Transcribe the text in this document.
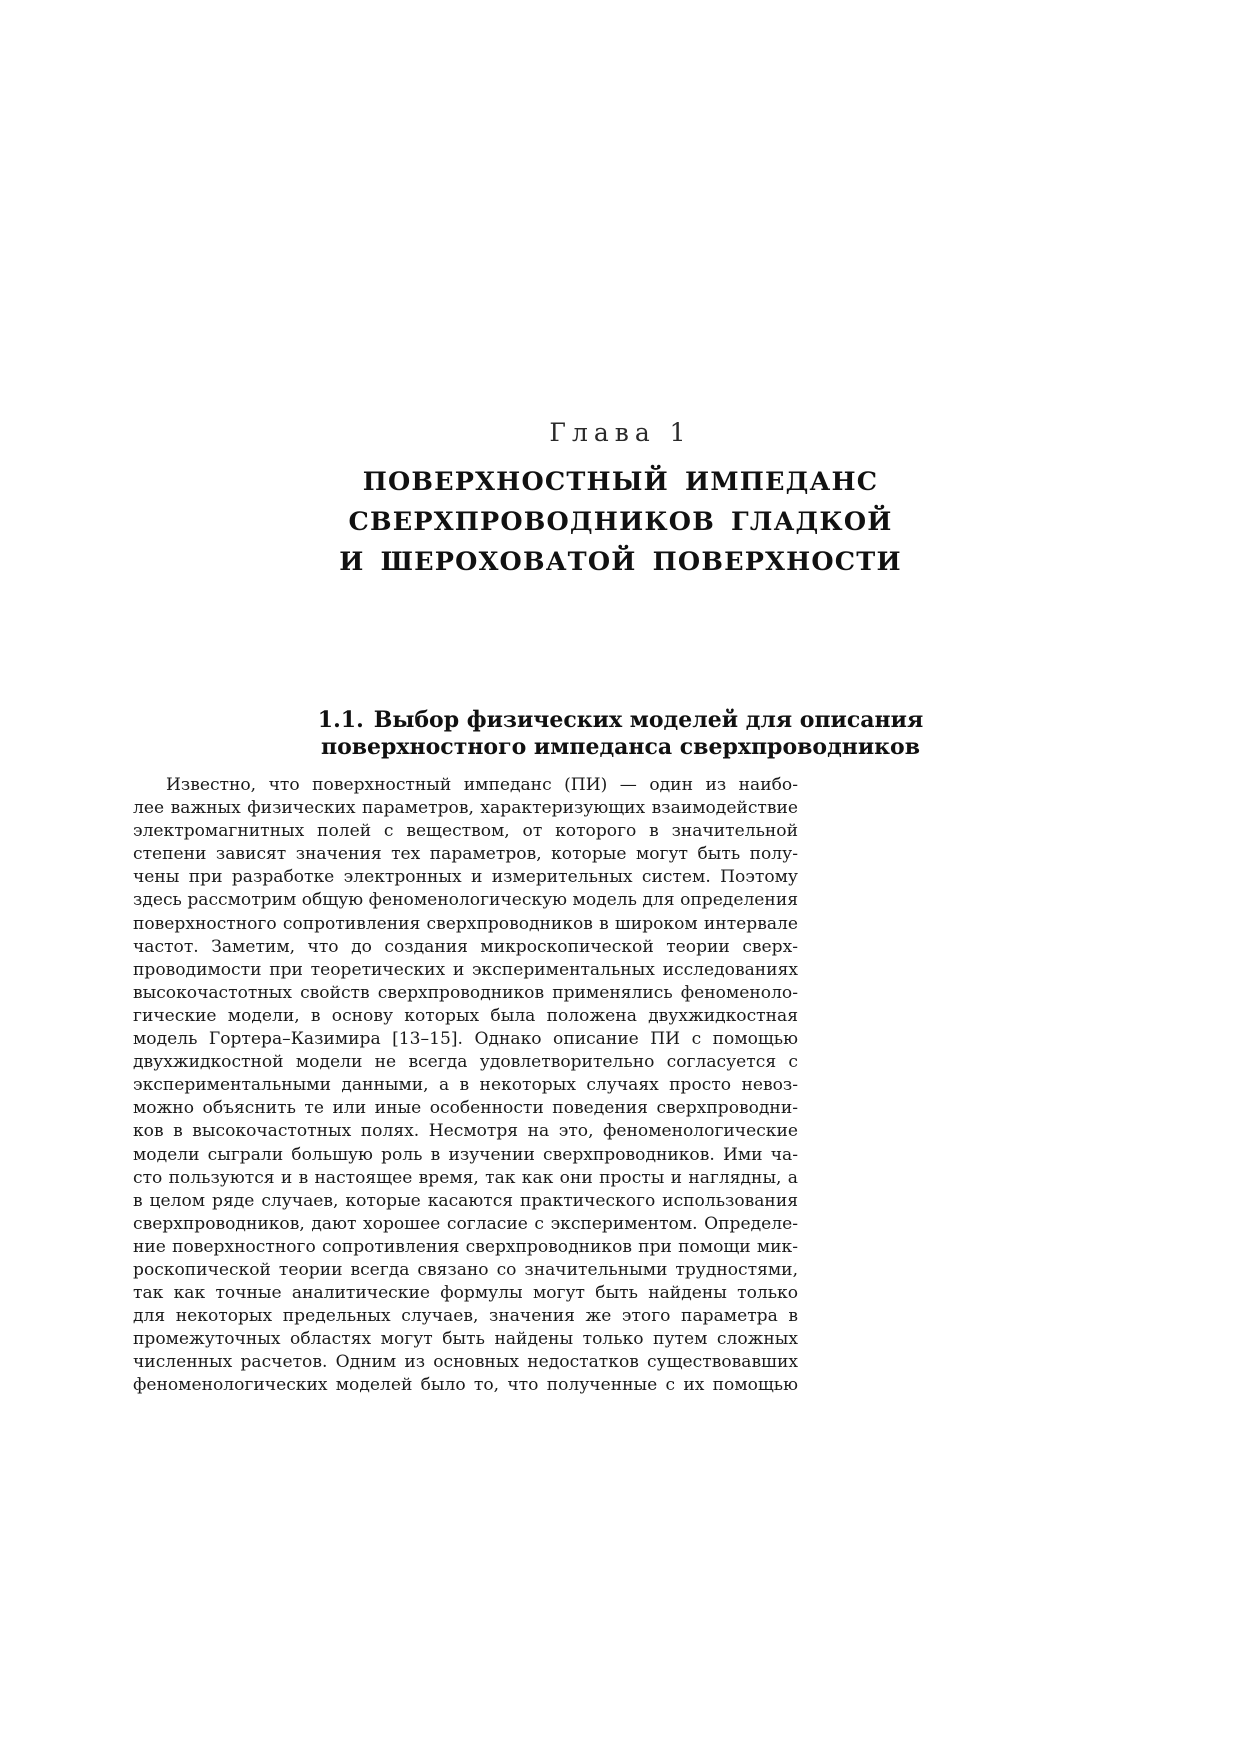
Глава 1
ПОВЕРХНОСТНЫЙ ИМПЕДАНС
СВЕРХПРОВОДНИКОВ ГЛАДКОЙ
И ШЕРОХОВАТОЙ ПОВЕРХНОСТИ
1.1. Выбор физических моделей для описания
поверхностного импеданса сверхпроводников
Известно, что поверхностный импеданс (ПИ) — один из наибо-
лее важных физических параметров, характеризующих взаимодействие
электромагнитных полей с веществом, от которого в значительной
степени зависят значения тех параметров, которые могут быть полу-
чены при разработке электронных и измерительных систем. Поэтому
здесь рассмотрим общую феноменологическую модель для определения
поверхностного сопротивления сверхпроводников в широком интервале
частот. Заметим, что до создания микроскопической теории сверх-
проводимости при теоретических и экспериментальных исследованиях
высокочастотных свойств сверхпроводников применялись феноменоло-
гические модели, в основу которых была положена двухжидкостная
модель Гортера–Казимира [13–15]. Однако описание ПИ с помощью
двухжидкостной модели не всегда удовлетворительно согласуется с
экспериментальными данными, а в некоторых случаях просто невоз-
можно объяснить те или иные особенности поведения сверхпроводни-
ков в высокочастотных полях. Несмотря на это, феноменологические
модели сыграли большую роль в изучении сверхпроводников. Ими ча-
сто пользуются и в настоящее время, так как они просты и наглядны, а
в целом ряде случаев, которые касаются практического использования
сверхпроводников, дают хорошее согласие с экспериментом. Определе-
ние поверхностного сопротивления сверхпроводников при помощи мик-
роскопической теории всегда связано со значительными трудностями,
так как точные аналитические формулы могут быть найдены только
для некоторых предельных случаев, значения же этого параметра в
промежуточных областях могут быть найдены только путем сложных
численных расчетов. Одним из основных недостатков существовавших
феноменологических моделей было то, что полученные с их помощью
